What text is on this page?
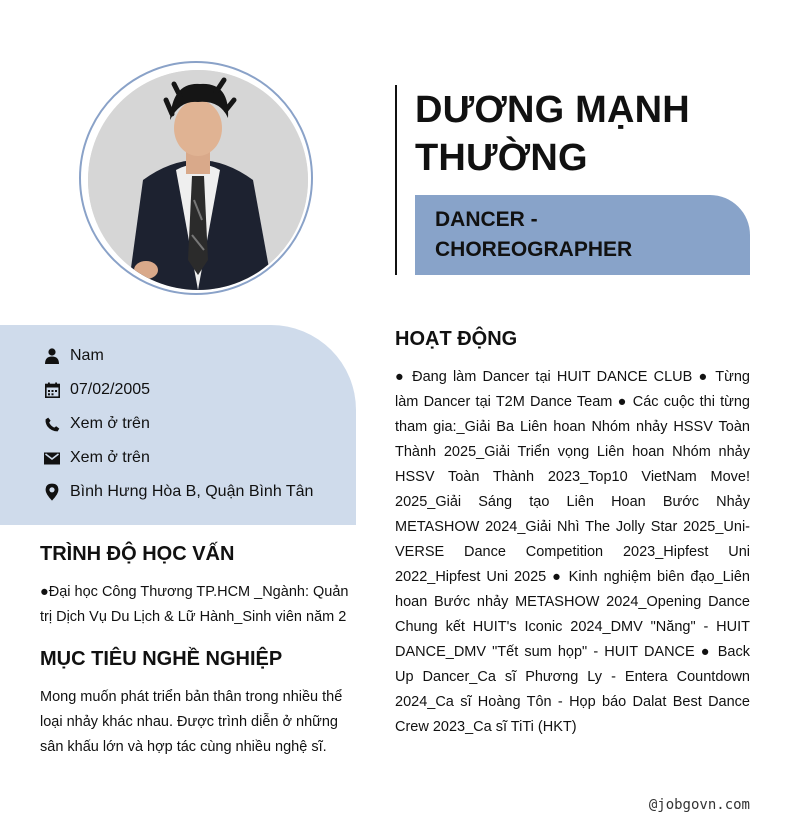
DƯƠNG MẠNH THƯỜNG
DANCER - CHOREOGRAPHER
Nam
07/02/2005
Xem ở trên
Xem ở trên
Bình Hưng Hòa B, Quận Bình Tân
TRÌNH ĐỘ HỌC VẤN
●Đại học Công Thương TP.HCM _Ngành: Quản trị Dịch Vụ Du Lịch & Lữ Hành_Sinh viên năm 2
MỤC TIÊU NGHỀ NGHIỆP
Mong muốn phát triển bản thân trong nhiều thể loại nhảy khác nhau. Được trình diễn ở những sân khấu lớn và hợp tác cùng nhiều nghệ sĩ.
HOẠT ĐỘNG
● Đang làm Dancer tại HUIT DANCE CLUB ● Từng làm Dancer tại T2M Dance Team ● Các cuộc thi từng tham gia:_Giải Ba Liên hoan Nhóm nhảy HSSV Toàn Thành 2025_Giải Triển vọng Liên hoan Nhóm nhảy HSSV Toàn Thành 2023_Top10 VietNam Move! 2025_Giải Sáng tạo Liên Hoan Bước Nhảy METASHOW 2024_Giải Nhì The Jolly Star 2025_Uni-VERSE Dance Competition 2023_Hipfest Uni 2022_Hipfest Uni 2025 ● Kinh nghiệm biên đạo_Liên hoan Bước nhảy METASHOW 2024_Opening Dance Chung kết HUIT's Iconic 2024_DMV "Năng" - HUIT DANCE_DMV "Tết sum họp" - HUIT DANCE ● Back Up Dancer_Ca sĩ Phương Ly - Entera Countdown 2024_Ca sĩ Hoàng Tôn - Họp báo Dalat Best Dance Crew 2023_Ca sĩ TiTi (HKT)
@jobgovn.com
